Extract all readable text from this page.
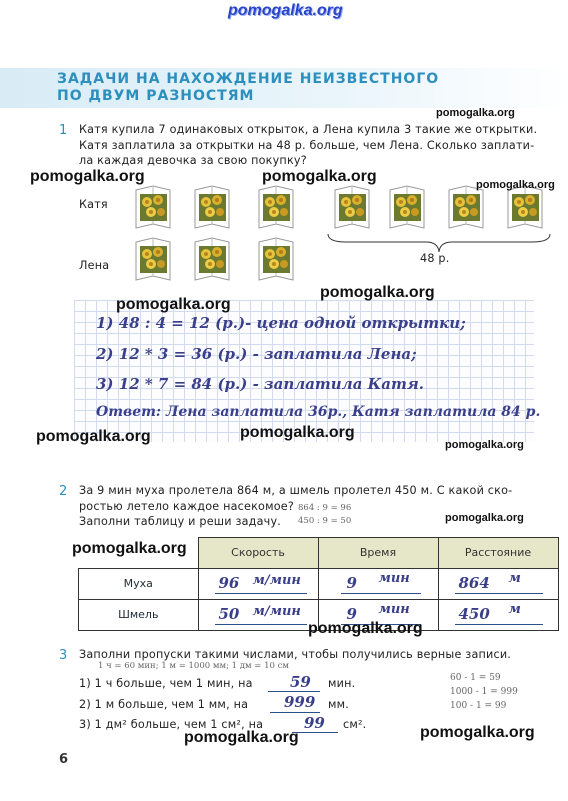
pomogalka.org
ЗАДАЧИ НА НАХОЖДЕНИЕ НЕИЗВЕСТНОГО
ПО ДВУМ РАЗНОСТЯМ
1 Катя купила 7 одинаковых открыток, а Лена купила 3 такие же открытки.
Катя заплатила за открытки на 48 р. больше, чем Лена. Сколько заплати-
ла каждая девочка за свою покупку?
Катя
Лена
48 р.
1) 48 : 4 = 12 (р.)- цена одной открытки;
2) 12 * 3 = 36 (р.) - заплатила Лена;
3) 12 * 7 = 84 (р.) - заплатила Катя.
Ответ: Лена заплатила 36р., Катя заплатила 84 р.
2 За 9 мин муха пролетела 864 м, а шмель пролетел 450 м. С какой ско-
ростью летело каждое насекомое?
Заполни таблицу и реши задачу.
864 : 9 = 96
450 : 9 = 50
	Скорость	Время	Расстояние
Муха	96 м/мин	9 мин	864 м

Шмель	50 м/мин	9 мин	450 м
3 Заполни пропуски такими числами, чтобы получились верные записи.
1 ч = 60 мин; 1 м = 1000 мм; 1 дм = 10 см
1) 1 ч больше, чем 1 мин, на 59 мин.
2) 1 м больше, чем 1 мм, на 999 мм.
3) 1 дм² больше, чем 1 см², на	99 см².
60 - 1 = 59
1000 - 1 = 999
100 - 1 = 99
6
pomogalka.org
pomogalka.org	pomogalka.org	pomogalka.org
pomogalka.org
pomogalka.org
pomogalka.org	pomogalka.org
pomogalka.org
pomogalka.org
pomogalka.org
pomogalka.org
pomogalka.org	pomogalka.org
